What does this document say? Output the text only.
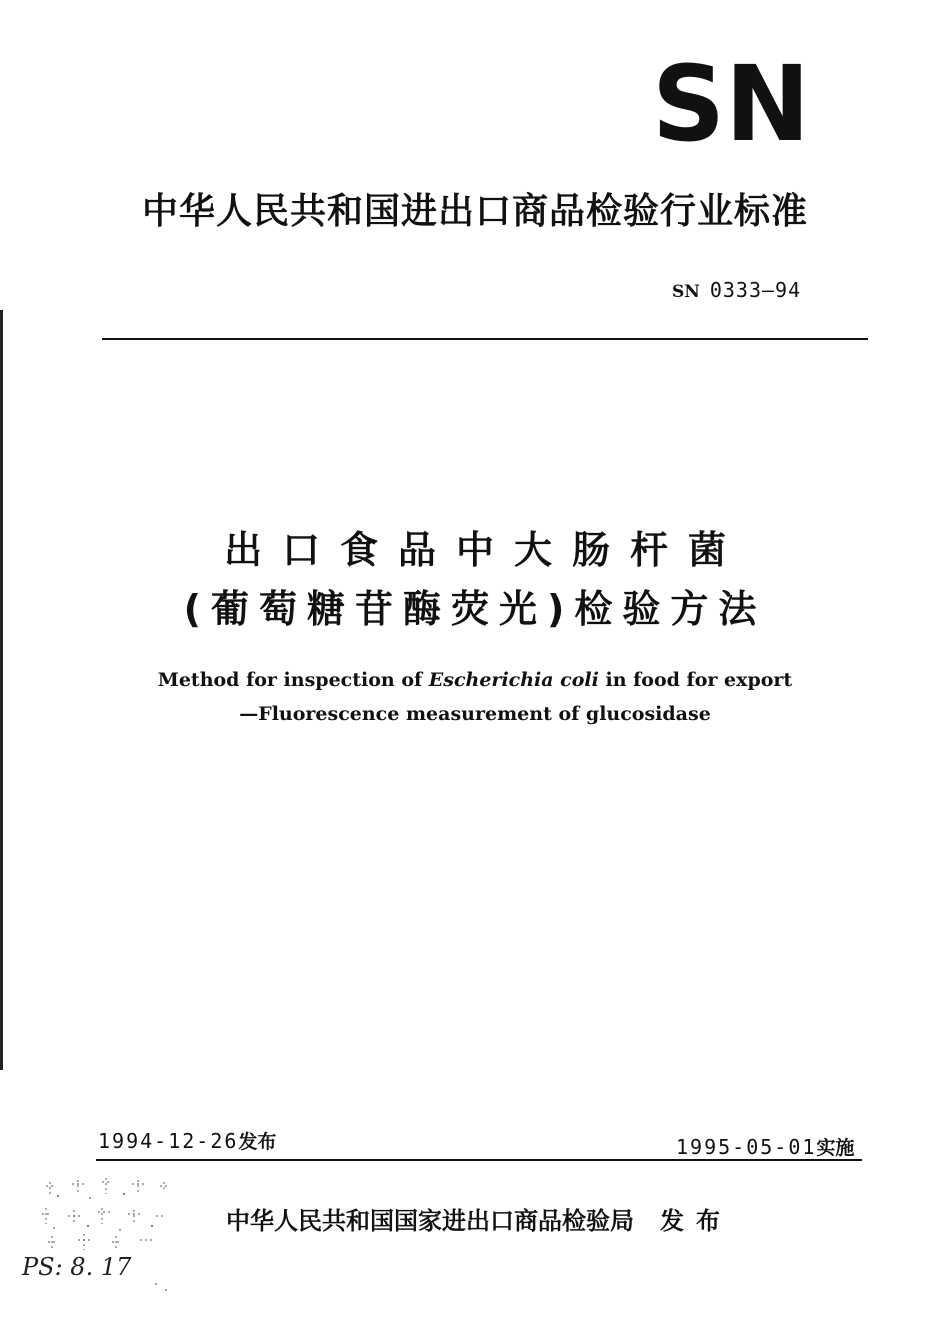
SN
中华人民共和国进出口商品检验行业标准
SN 0333—94
出口食品中大肠杆菌
(葡萄糖苷酶荧光)检验方法
Method for inspection of Escherichia coli in food for export
—Fluorescence measurement of glucosidase
1994-12-26发布	1995-05-01实施
中华人民共和国国家进出口商品检验局 发布
PS: 8. 17
